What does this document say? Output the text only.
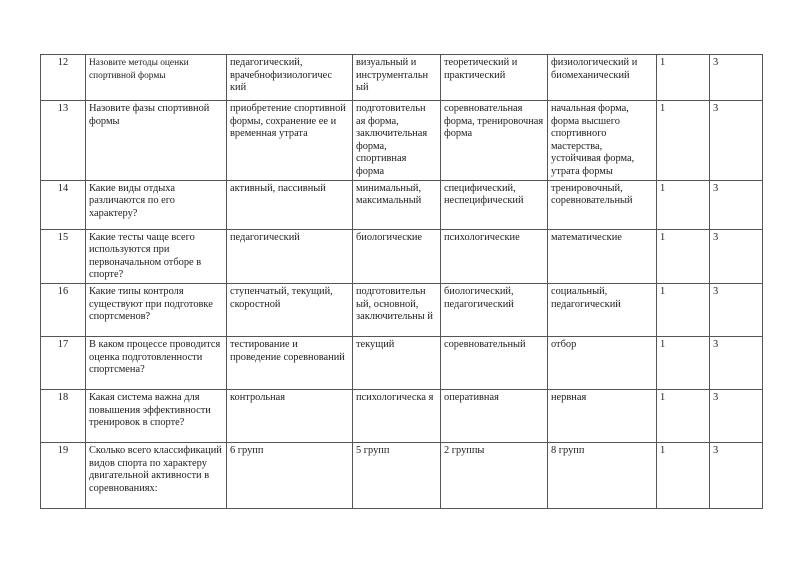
12	Назовите методы оценки спортивной формы	педагогический, врачебнофизиологичес кий	визуальный и инструментальн ый	теоретический и практический	физиологический и биомеханический	1	3
13	Назовите фазы спортивной формы	приобретение спортивной формы, сохранение ее и временная утрата	подготовительн ая форма, заключительная форма, спортивная форма	соревновательная форма, тренировочная форма	начальная форма, форма высшего спортивного мастерства, устойчивая форма, утрата формы	1	3
14	Какие виды отдыха различаются по его характеру?	активный, пассивный	минимальный, максимальный	специфический, неспецифический	тренировочный, соревновательный	1	3
15	Какие тесты чаще всего используются при первоначальном отборе в спорте?	педагогический	биологические	психологические	математические	1	3
16	Какие типы контроля существуют при подготовке спортсменов?	ступенчатый, текущий, скоростной	подготовительн ый, основной, заключительны й	биологический, педагогический	социальный, педагогический	1	3
17	В каком процессе проводится оценка подготовленности спортсмена?	тестирование и проведение соревнований	текущий	соревновательный	отбор	1	3
18	Какая система важна для повышения эффективности тренировок в спорте?	контрольная	психологическа я	оперативная	нервная	1	3
19	Сколько всего классификаций видов спорта по характеру двигательной активности в соревнованиях:	6 групп	5 групп	2 группы	8 групп	1	3
